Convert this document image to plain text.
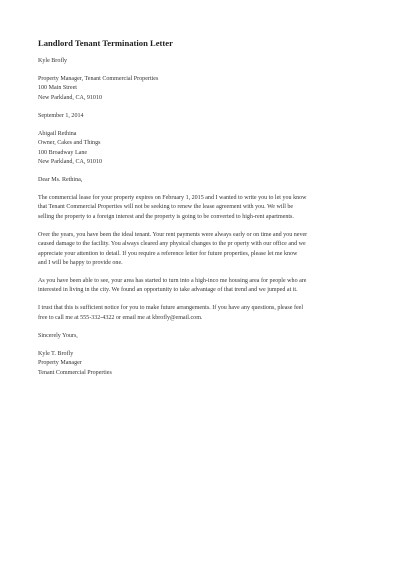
Landlord Tenant Termination Letter
Kyle Brofly
Property Manager, Tenant Commercial Properties
100 Main Street
New Parkland, CA, 91010
September 1, 2014
Abigail Rethina
Owner, Cakes and Things
100 Broadway Lane
New Parkland, CA, 91010
Dear Ms. Rethina,
The commercial lease for your property expires on February 1, 2015 and I wanted to write you to let you know
that Tenant Commercial Properties will not be seeking to renew the lease agreement with you. We will be
selling the property to a foreign interest and the property is going to be converted to high-rent apartments.
Over the years, you have been the ideal tenant. Your rent payments were always early or on time and you never
caused damage to the facility. You always cleared any physical changes to the pr operty with our office and we
appreciate your attention to detail. If you require a reference letter for future properties, please let me know
and I will be happy to provide one.
As you have been able to see, your area has started to turn into a high-inco me housing area for people who are
interested in living in the city. We found an opportunity to take advantage of that trend and we jumped at it.
I trust that this is sufficient notice for you to make future arrangements. If you have any questions, please feel
free to call me at 555-332-4322 or email me at kbrofly@email.com.
Sincerely Yours,
Kyle T. Brofly
Property Manager
Tenant Commercial Properties
